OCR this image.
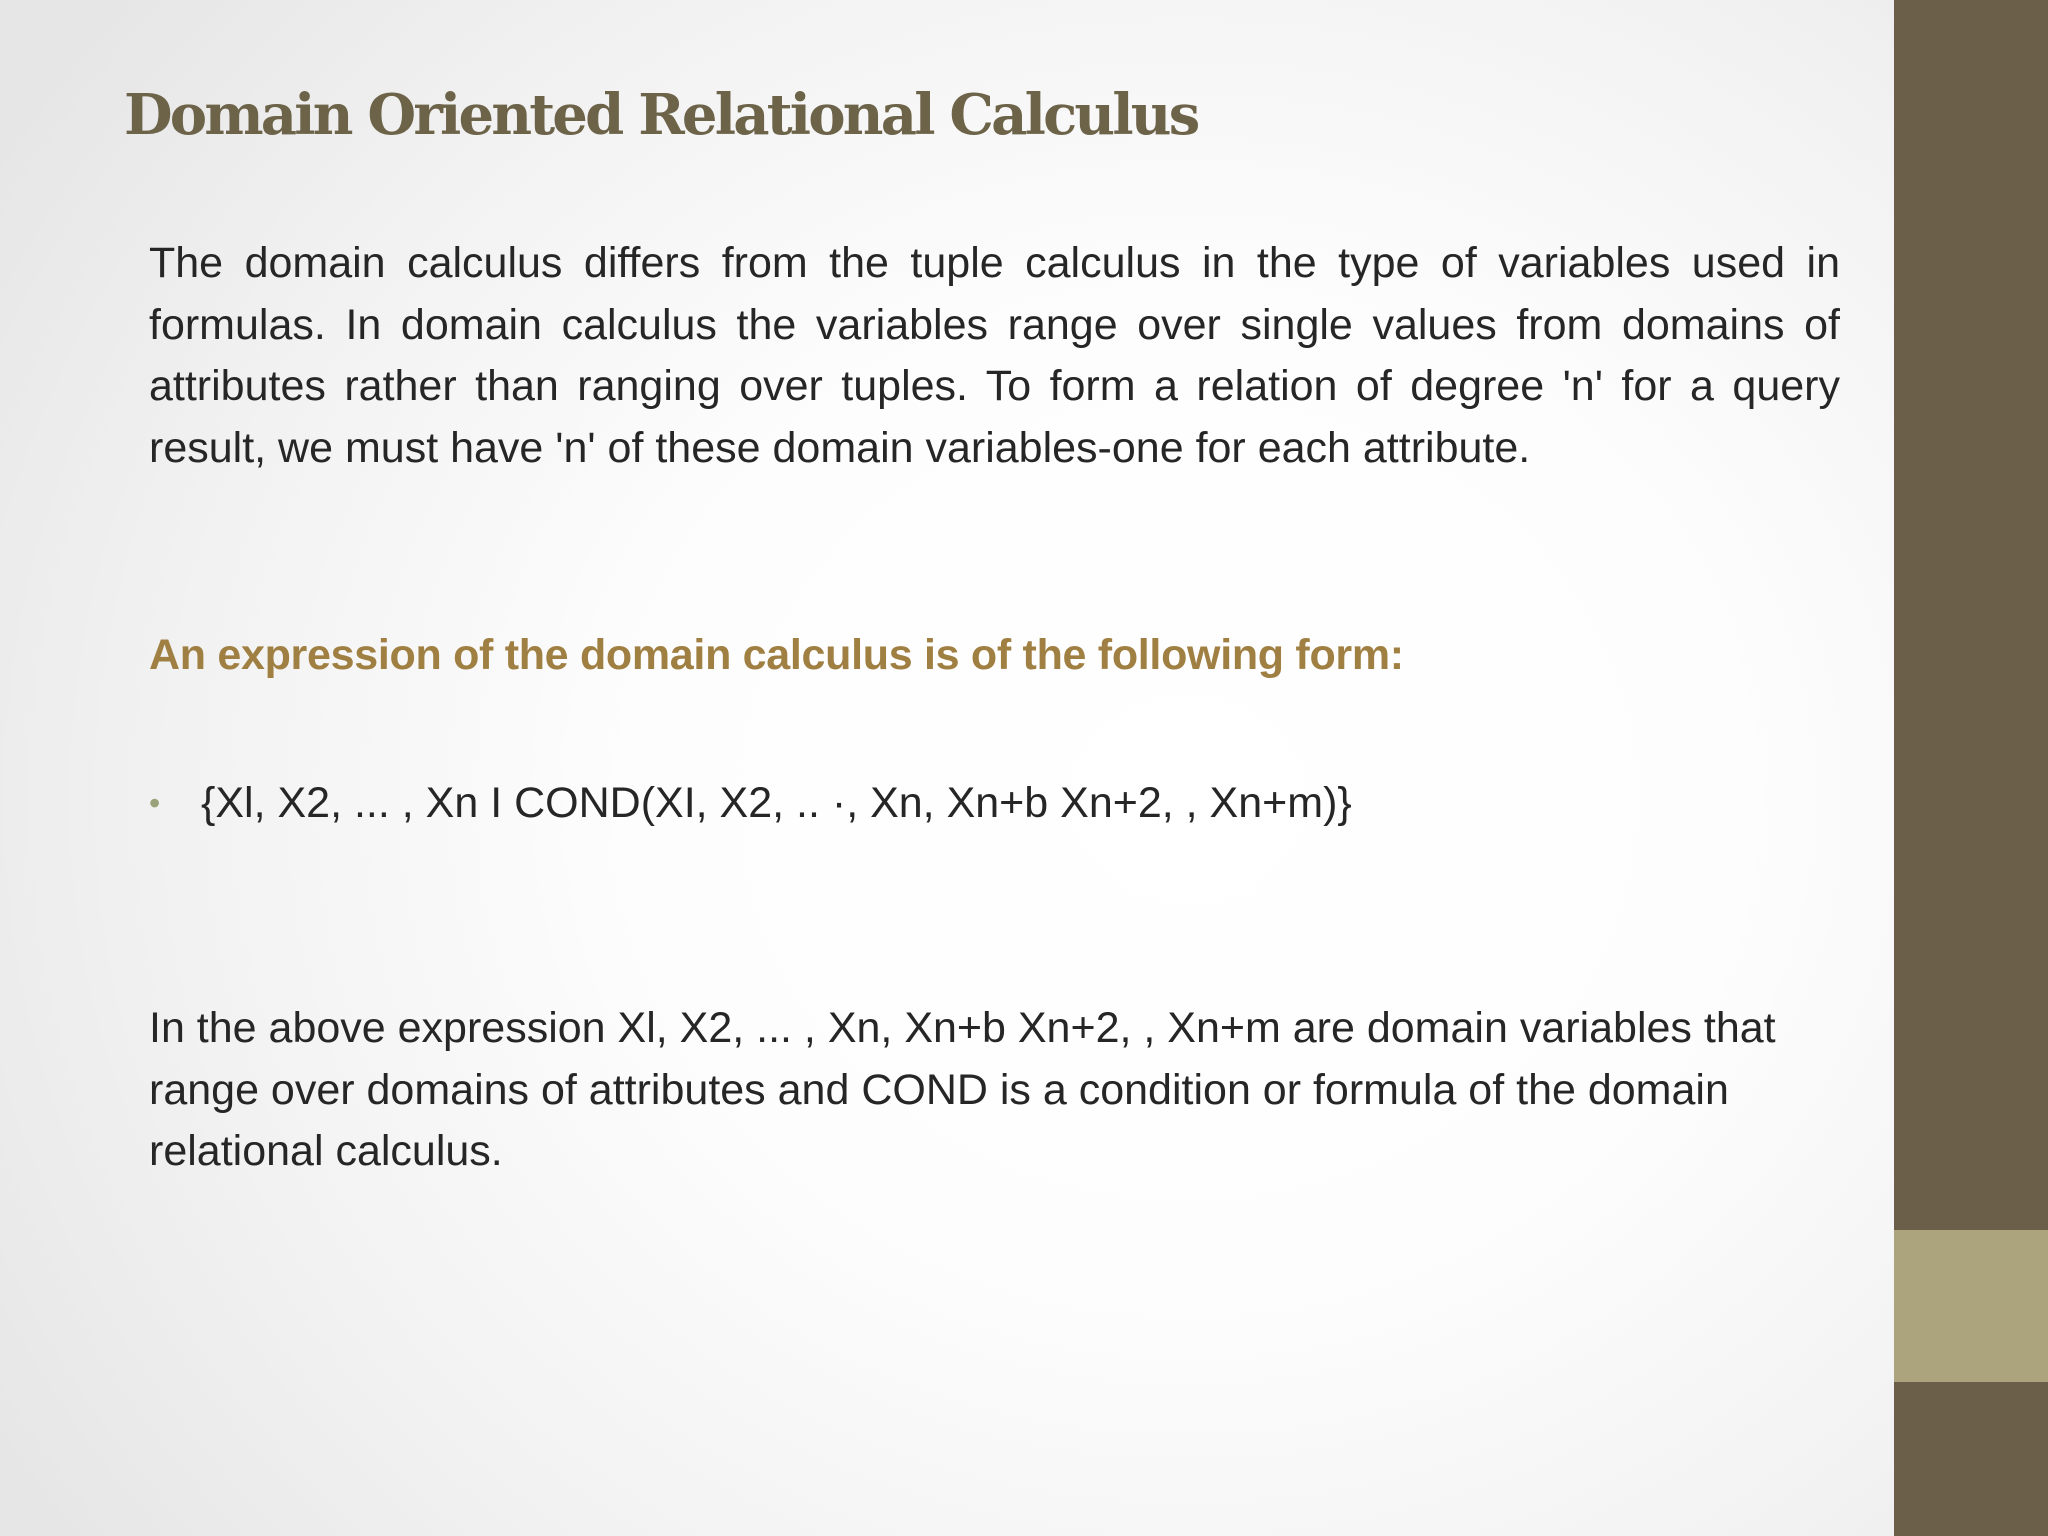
Domain Oriented Relational Calculus

The domain calculus differs from the tuple calculus in the type of variables used in formulas. In domain calculus the variables range over single values from domains of attributes rather than ranging over tuples. To form a relation of degree 'n' for a query result, we must have 'n' of these domain variables-one for each attribute.

An expression of the domain calculus is of the following form:

• {Xl, X2, ... , Xn I COND(XI, X2, .. ·, Xn, Xn+b Xn+2, , Xn+m)}

In the above expression Xl, X2, ... , Xn, Xn+b Xn+2, , Xn+m are domain variables that range over domains of attributes and COND is a condition or formula of the domain relational calculus.
